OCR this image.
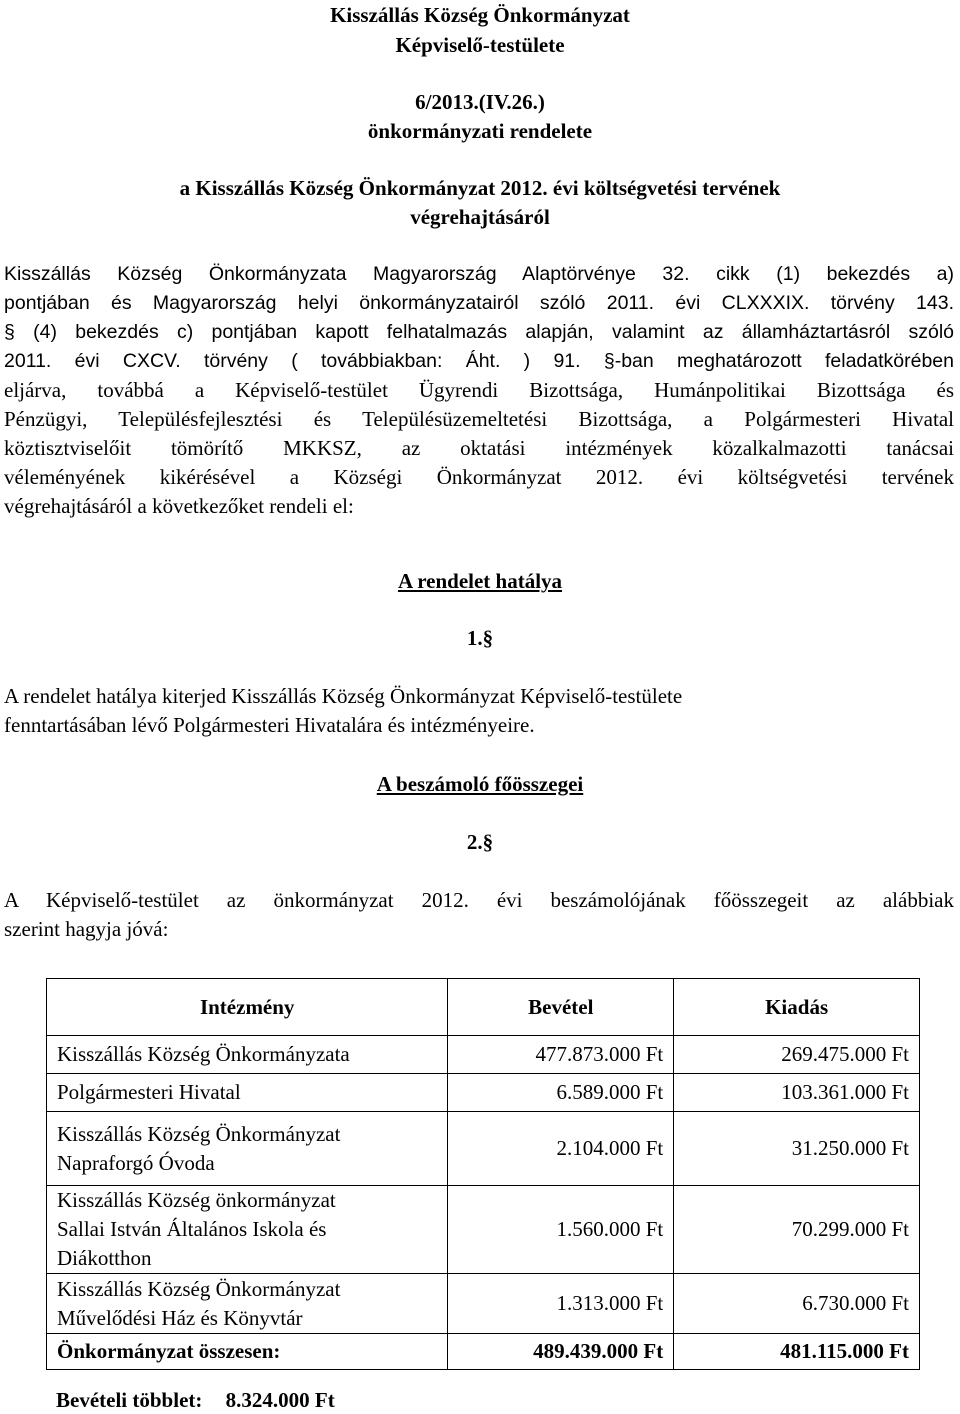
Kisszállás Község Önkormányzat
Képviselő-testülete
6/2013.(IV.26.)
önkormányzati rendelete
a Kisszállás Község Önkormányzat 2012. évi költségvetési tervének
végrehajtásáról
Kisszállás Község Önkormányzata Magyarország Alaptörvénye 32. cikk (1) bekezdés a)
pontjában és Magyarország helyi önkormányzatairól szóló 2011. évi CLXXXIX. törvény 143.
§ (4) bekezdés c) pontjában kapott felhatalmazás alapján, valamint az államháztartásról szóló
2011. évi CXCV. törvény ( továbbiakban: Áht. ) 91. §-ban meghatározott feladatkörében
eljárva, továbbá a Képviselő-testület Ügyrendi Bizottsága, Humánpolitikai Bizottsága és
Pénzügyi, Településfejlesztési és Településüzemeltetési Bizottsága, a Polgármesteri Hivatal
köztisztviselőit tömörítő MKKSZ, az oktatási intézmények közalkalmazotti tanácsai
véleményének kikérésével a Községi Önkormányzat 2012. évi költségvetési tervének
végrehajtásáról a következőket rendeli el:
A rendelet hatálya
1.§
A rendelet hatálya kiterjed Kisszállás Község Önkormányzat Képviselő-testülete
fenntartásában lévő Polgármesteri Hivatalára és intézményeire.
A beszámoló főösszegei
2.§
A Képviselő-testület az önkormányzat 2012. évi beszámolójának főösszegeit az alábbiak
szerint hagyja jóvá:
Intézmény	Bevétel	Kiadás
Kisszállás Község Önkormányzata	477.873.000 Ft	269.475.000 Ft
Polgármesteri Hivatal	6.589.000 Ft	103.361.000 Ft

Kisszállás Község Önkormányzat
Napraforgó Óvoda	2.104.000 Ft	31.250.000 Ft

Kisszállás Község önkormányzat
Sallai István Általános Iskola és
Diákotthon	1.560.000 Ft	70.299.000 Ft

Kisszállás Község Önkormányzat
Művelődési Ház és Könyvtár	1.313.000 Ft	6.730.000 Ft
Önkormányzat összesen:	489.439.000 Ft	481.115.000 Ft
Bevételi többlet: 8.324.000 Ft
